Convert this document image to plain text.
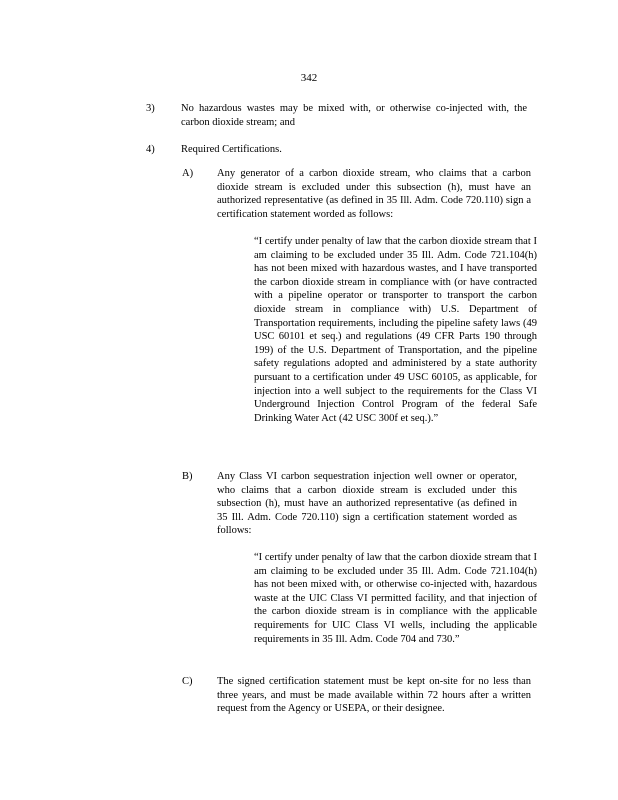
342
3)	No hazardous wastes may be mixed with, or otherwise co-injected with, the carbon dioxide stream; and
4)	Required Certifications.
A) Any generator of a carbon dioxide stream, who claims that a carbon dioxide stream is excluded under this subsection (h), must have an authorized representative (as defined in 35 Ill. Adm. Code 720.110) sign a certification statement worded as follows:
“I certify under penalty of law that the carbon dioxide stream that I am claiming to be excluded under 35 Ill. Adm. Code 721.104(h) has not been mixed with hazardous wastes, and I have transported the carbon dioxide stream in compliance with (or have contracted with a pipeline operator or transporter to transport the carbon dioxide stream in compliance with) U.S. Department of Transportation requirements, including the pipeline safety laws (49 USC 60101 et seq.) and regulations (49 CFR Parts 190 through 199) of the U.S. Department of Transportation, and the pipeline safety regulations adopted and administered by a state authority pursuant to a certification under 49 USC 60105, as applicable, for injection into a well subject to the requirements for the Class VI Underground Injection Control Program of the federal Safe Drinking Water Act (42 USC 300f et seq.).”
B) Any Class VI carbon sequestration injection well owner or operator, who claims that a carbon dioxide stream is excluded under this subsection (h), must have an authorized representative (as defined in 35 Ill. Adm. Code 720.110) sign a certification statement worded as follows:
“I certify under penalty of law that the carbon dioxide stream that I am claiming to be excluded under 35 Ill. Adm. Code 721.104(h) has not been mixed with, or otherwise co-injected with, hazardous waste at the UIC Class VI permitted facility, and that injection of the carbon dioxide stream is in compliance with the applicable requirements for UIC Class VI wells, including the applicable requirements in 35 Ill. Adm. Code 704 and 730.”
C) The signed certification statement must be kept on-site for no less than three years, and must be made available within 72 hours after a written request from the Agency or USEPA, or their designee.
